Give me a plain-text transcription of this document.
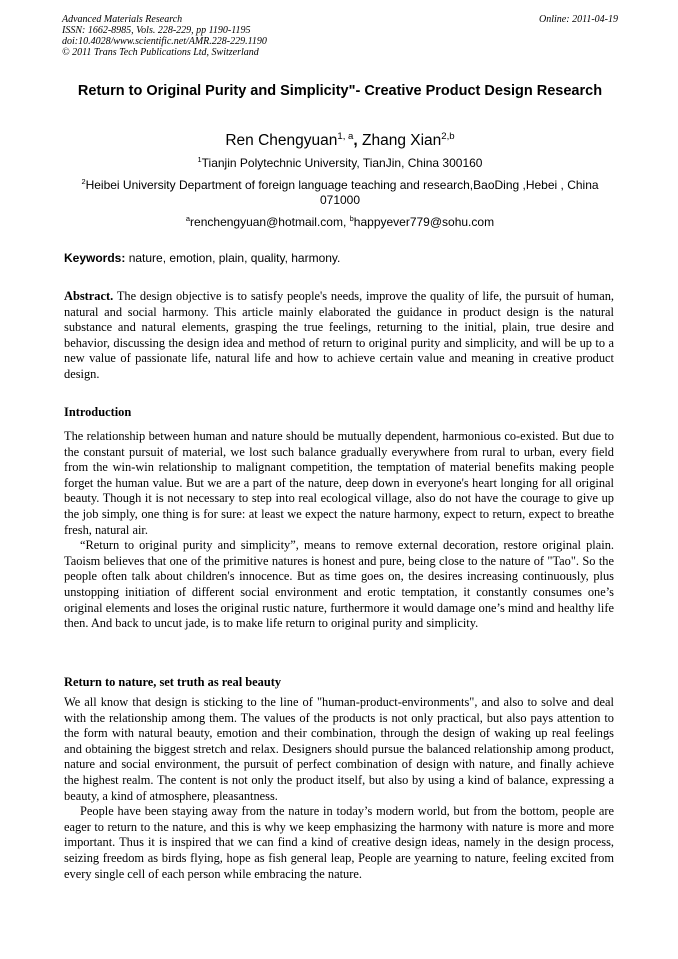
Advanced Materials Research
ISSN: 1662-8985, Vols. 228-229, pp 1190-1195
doi:10.4028/www.scientific.net/AMR.228-229.1190
© 2011 Trans Tech Publications Ltd, Switzerland
Online: 2011-04-19
Return to Original Purity and Simplicity"- Creative Product Design Research
Ren Chengyuan$^{1, a}$, Zhang Xian$^{2,b}$
$^1$Tianjin Polytechnic University, TianJin, China 300160
$^2$Heibei University Department of foreign language teaching and research,BaoDing ,Hebei , China 071000
$^a$renchengyuan@hotmail.com, $^b$happyever779@sohu.com
Keywords: nature, emotion, plain, quality, harmony.

Abstract. The design objective is to satisfy people's needs, improve the quality of life, the pursuit of human, natural and social harmony. This article mainly elaborated the guidance in product design is the natural substance and natural elements, grasping the true feelings, returning to the initial, plain, true desire and behavior, discussing the design idea and method of return to original purity and simplicity, and will be up to a new value of passionate life, natural life and how to achieve certain value and meaning in creative product design.

Introduction

The relationship between human and nature should be mutually dependent, harmonious co-existed. But due to the constant pursuit of material, we lost such balance gradually everywhere from rural to urban, every field from the win-win relationship to malignant competition, the temptation of material benefits making people forget the human value. But we are a part of the nature, deep down in everyone's heart longing for all original beauty. Though it is not necessary to step into real ecological village, also do not have the courage to give up the job simply, one thing is for sure: at least we expect the nature harmony, expect to return, expect to breathe fresh, natural air.

“Return to original purity and simplicity”, means to remove external decoration, restore original plain. Taoism believes that one of the primitive natures is honest and pure, being close to the nature of "Tao". So the people often talk about children's innocence. But as time goes on, the desires increasing continuously, plus unstopping initiation of different social environment and erotic temptation, it constantly consumes one’s original elements and loses the original rustic nature, furthermore it would damage one’s mind and healthy life then. And back to uncut jade, is to make life return to original purity and simplicity.

Return to nature, set truth as real beauty

We all know that design is sticking to the line of "human-product-environments", and also to solve and deal with the relationship among them. The values of the products is not only practical, but also pays attention to the form with natural beauty, emotion and their combination, through the design of waking up real feelings and obtaining the biggest stretch and relax. Designers should pursue the balanced relationship among product, nature and social environment, the pursuit of perfect combination of design with nature, and finally achieve the highest realm. The content is not only the product itself, but also by using a kind of balance, expressing a beauty, a kind of atmosphere, pleasantness.

People have been staying away from the nature in today’s modern world, but from the bottom, people are eager to return to the nature, and this is why we keep emphasizing the harmony with nature is more and more important. Thus it is inspired that we can find a kind of creative design ideas, namely in the design process, seizing freedom as birds flying, hope as fish general leap, People are yearning to nature, feeling excited from every single cell of each person while embracing the nature.
